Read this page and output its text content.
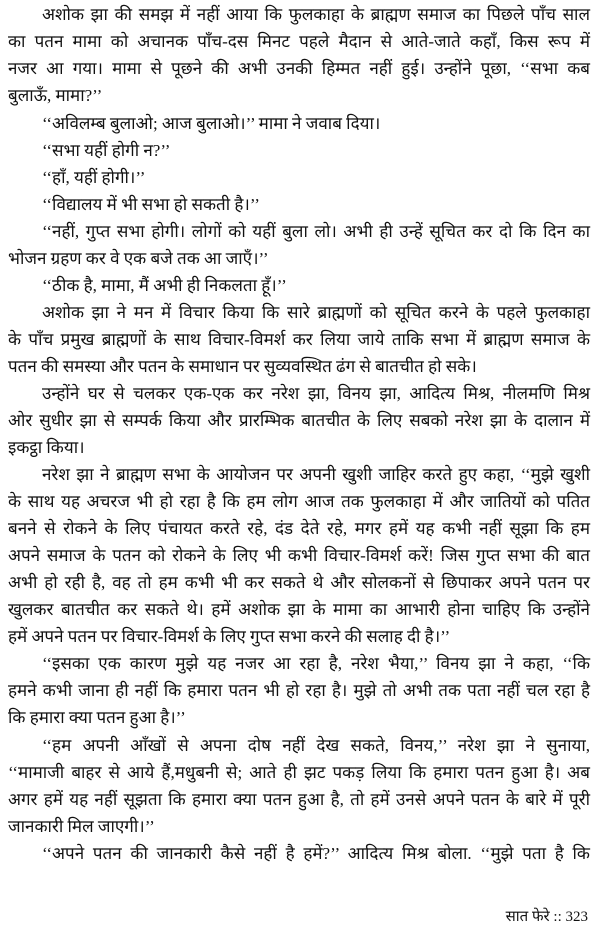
अशोक झा की समझ में नहीं आया कि फुलकाहा के ब्राह्मण समाज का पिछले पाँच साल
का पतन मामा को अचानक पाँच-दस मिनट पहले मैदान से आते-जाते कहाँ, किस रूप में
नजर आ गया। मामा से पूछने की अभी उनकी हिम्मत नहीं हुई। उन्होंने पूछा, ‘‘सभा कब
बुलाऊँ, मामा?’’
‘‘अविलम्ब बुलाओ; आज बुलाओ।’’ मामा ने जवाब दिया।
‘‘सभा यहीं होगी न?’’
‘‘हाँ, यहीं होगी।’’
‘‘विद्यालय में भी सभा हो सकती है।’’
‘‘नहीं, गुप्त सभा होगी। लोगों को यहीं बुला लो। अभी ही उन्हें सूचित कर दो कि दिन का
भोजन ग्रहण कर वे एक बजे तक आ जाएँ।’’
‘‘ठीक है, मामा, मैं अभी ही निकलता हूँ।’’
अशोक झा ने मन में विचार किया कि सारे ब्राह्मणों को सूचित करने के पहले फुलकाहा
के पाँच प्रमुख ब्राह्मणों के साथ विचार-विमर्श कर लिया जाये ताकि सभा में ब्राह्मण समाज के
पतन की समस्या और पतन के समाधान पर सुव्यवस्थित ढंग से बातचीत हो सके।
उन्होंने घर से चलकर एक-एक कर नरेश झा, विनय झा, आदित्य मिश्र, नीलमणि मिश्र
ओर सुधीर झा से सम्पर्क किया और प्रारम्भिक बातचीत के लिए सबको नरेश झा के दालान में
इकट्ठा किया।
नरेश झा ने ब्राह्मण सभा के आयोजन पर अपनी खुशी जाहिर करते हुए कहा, ‘‘मुझे खुशी
के साथ यह अचरज भी हो रहा है कि हम लोग आज तक फुलकाहा में और जातियों को पतित
बनने से रोकने के लिए पंचायत करते रहे, दंड देते रहे, मगर हमें यह कभी नहीं सूझा कि हम
अपने समाज के पतन को रोकने के लिए भी कभी विचार-विमर्श करें! जिस गुप्त सभा की बात
अभी हो रही है, वह तो हम कभी भी कर सकते थे और सोलकनों से छिपाकर अपने पतन पर
खुलकर बातचीत कर सकते थे। हमें अशोक झा के मामा का आभारी होना चाहिए कि उन्होंने
हमें अपने पतन पर विचार-विमर्श के लिए गुप्त सभा करने की सलाह दी है।’’
‘‘इसका एक कारण मुझे यह नजर आ रहा है, नरेश भैया,’’ विनय झा ने कहा, ‘‘कि
हमने कभी जाना ही नहीं कि हमारा पतन भी हो रहा है। मुझे तो अभी तक पता नहीं चल रहा है
कि हमारा क्या पतन हुआ है।’’
‘‘हम अपनी आँखों से अपना दोष नहीं देख सकते, विनय,’’ नरेश झा ने सुनाया,
‘‘मामाजी बाहर से आये हैं,मधुबनी से; आते ही झट पकड़ लिया कि हमारा पतन हुआ है। अब
अगर हमें यह नहीं सूझता कि हमारा क्या पतन हुआ है, तो हमें उनसे अपने पतन के बारे में पूरी
जानकारी मिल जाएगी।’’
‘‘अपने पतन की जानकारी कैसे नहीं है हमें?’’ आदित्य मिश्र बोला. ‘‘मुझे पता है कि
सात फेरे :: 323
